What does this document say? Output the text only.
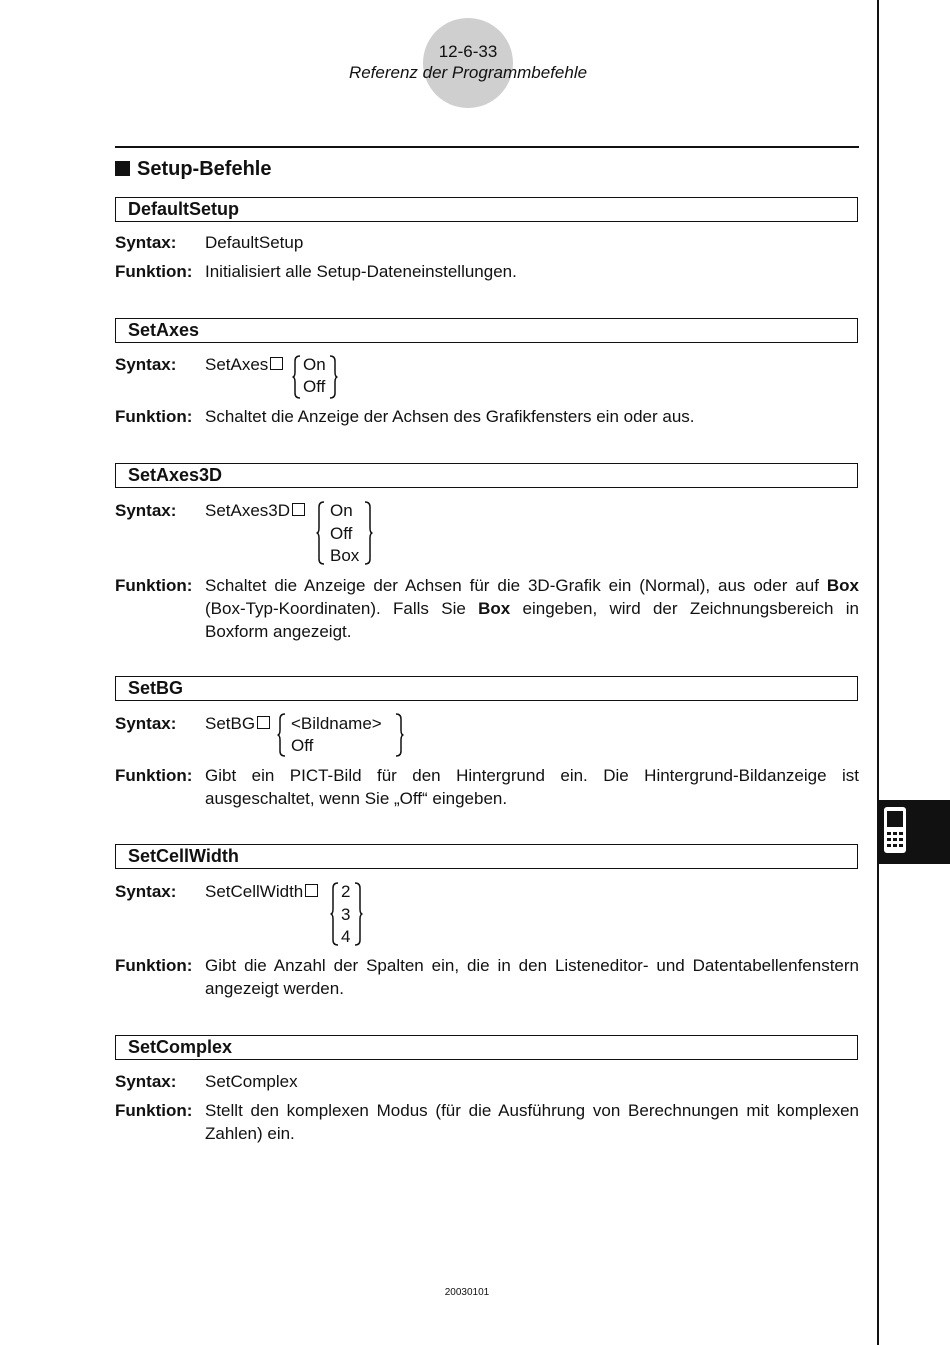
12-6-33
Referenz der Programmbefehle
Setup-Befehle
DefaultSetup
Syntax: DefaultSetup
Funktion: Initialisiert alle Setup-Dateneinstellungen.
SetAxes
Syntax: SetAxes	On
Off
Funktion: Schaltet die Anzeige der Achsen des Grafikfensters ein oder aus.
SetAxes3D
Syntax: SetAxes3D	On
Off
Box
Funktion: Schaltet die Anzeige der Achsen für die 3D-Grafik ein (Normal), aus oder auf Box (Box-Typ-Koordinaten). Falls Sie Box eingeben, wird der Zeichnungsbereich in Boxform angezeigt.
SetBG
Syntax: SetBG	<Bildname>
Off
Funktion: Gibt ein PICT-Bild für den Hintergrund ein. Die Hintergrund-Bildanzeige ist ausgeschaltet, wenn Sie „Off“ eingeben.
SetCellWidth
Syntax: SetCellWidth	2
3
4
Funktion: Gibt die Anzahl der Spalten ein, die in den Listeneditor- und Datentabellenfenstern angezeigt werden.
SetComplex
Syntax: SetComplex
Funktion: Stellt den komplexen Modus (für die Ausführung von Berechnungen mit komplexen Zahlen) ein.
20030101
